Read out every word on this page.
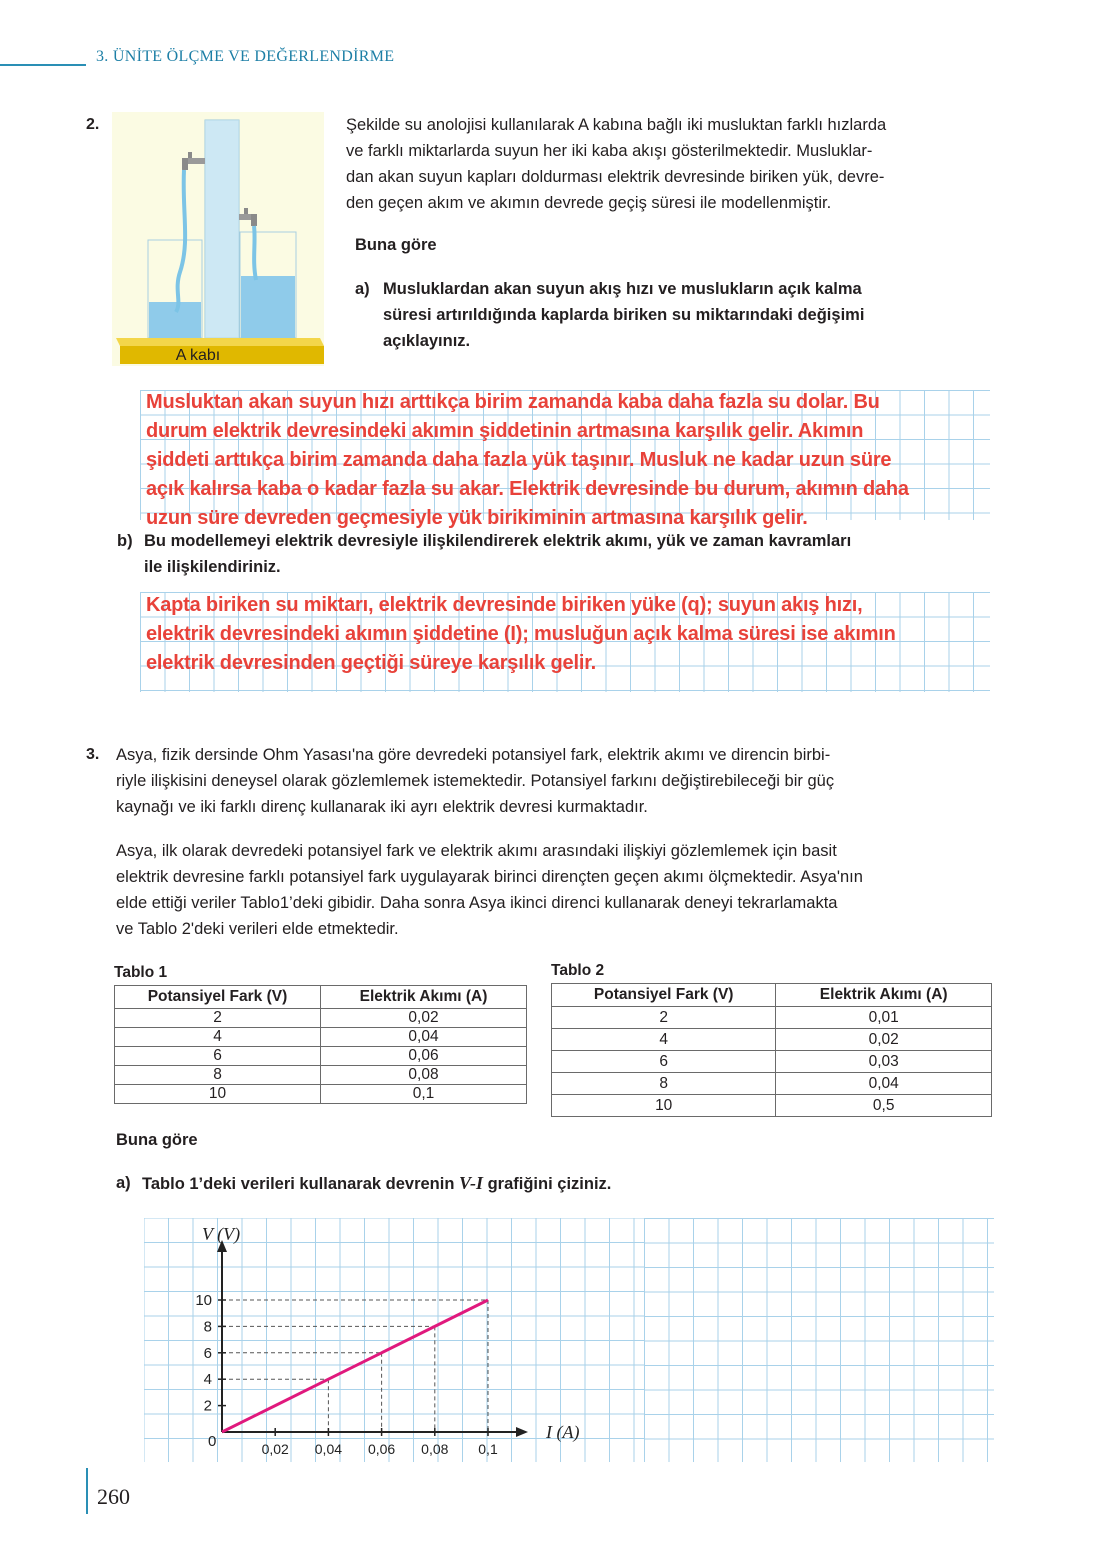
3. ÜNİTE ÖLÇME VE DEĞERLENDİRME
2.
A kabı
Şekilde su anolojisi kullanılarak A kabına bağlı iki musluktan farklı hızlarda
ve farklı miktarlarda suyun her iki kaba akışı gösterilmektedir. Musluklar-
dan akan suyun kapları doldurması elektrik devresinde biriken yük, devre-
den geçen akım ve akımın devrede geçiş süresi ile modellenmiştir.
Buna göre
a) Musluklardan akan suyun akış hızı ve muslukların açık kalma
süresi artırıldığında kaplarda biriken su miktarındaki değişimi
açıklayınız.
Musluktan akan suyun hızı arttıkça birim zamanda kaba daha fazla su dolar. Bu
durum elektrik devresindeki akımın şiddetinin artmasına karşılık gelir. Akımın
şiddeti arttıkça birim zamanda daha fazla yük taşınır. Musluk ne kadar uzun süre
açık kalırsa kaba o kadar fazla su akar. Elektrik devresinde bu durum, akımın daha
uzun süre devreden geçmesiyle yük birikiminin artmasına karşılık gelir.
b) Bu modellemeyi elektrik devresiyle ilişkilendirerek elektrik akımı, yük ve zaman kavramları
ile ilişkilendiriniz.
Kapta biriken su miktarı, elektrik devresinde biriken yüke (q); suyun akış hızı,
elektrik devresindeki akımın şiddetine (I); musluğun açık kalma süresi ise akımın
elektrik devresinden geçtiği süreye karşılık gelir.
3. Asya, fizik dersinde Ohm Yasası'na göre devredeki potansiyel fark, elektrik akımı ve direncin birbi-
riyle ilişkisini deneysel olarak gözlemlemek istemektedir. Potansiyel farkını değiştirebileceği bir güç
kaynağı ve iki farklı direnç kullanarak iki ayrı elektrik devresi kurmaktadır.
Asya, ilk olarak devredeki potansiyel fark ve elektrik akımı arasındaki ilişkiyi gözlemlemek için basit
elektrik devresine farklı potansiyel fark uygulayarak birinci dirençten geçen akımı ölçmektedir. Asya'nın
elde ettiği veriler Tablo1’deki gibidir. Daha sonra Asya ikinci direnci kullanarak deneyi tekrarlamakta
ve Tablo 2'deki verileri elde etmektedir.
Tablo 1
Potansiyel Fark (V)	Elektrik Akımı (A)
2	0,02
4	0,04
6	0,06
8	0,08
10	0,1
Tablo 2
Potansiyel Fark (V)	Elektrik Akımı (A)
2	0,01
4	0,02
6	0,03
8	0,04
10	0,5
Buna göre
a) Tablo 1’deki verileri kullanarak devrenin V-I grafiğini çiziniz.
V (V)
I (A)
0	0,02 0,04 0,06 0,08 0,1
2
4
6
8
10
260
